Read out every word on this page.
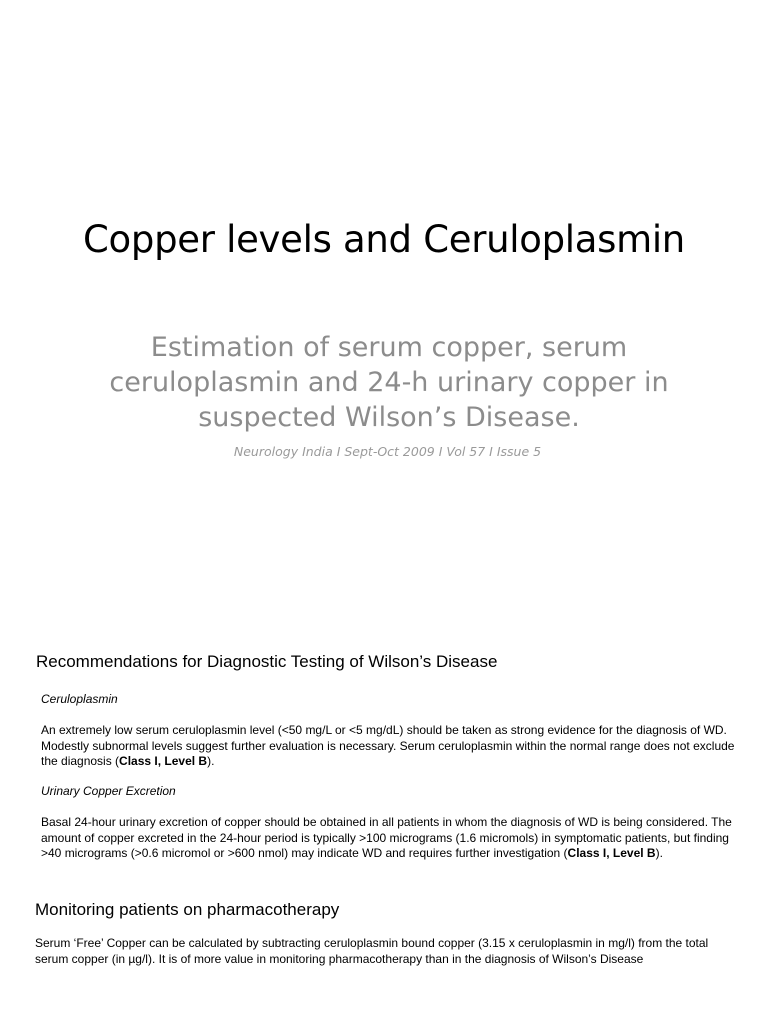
Copper levels and Ceruloplasmin
Estimation of serum copper, serum
ceruloplasmin and 24-h urinary copper in
suspected Wilson’s Disease.
Neurology India I Sept-Oct 2009 I Vol 57 I Issue 5
Recommendations for Diagnostic Testing of Wilson’s Disease
Ceruloplasmin
An extremely low serum ceruloplasmin level (<50 mg/L or <5 mg/dL) should be taken as strong evidence for the diagnosis of WD. Modestly subnormal levels suggest further evaluation is necessary. Serum ceruloplasmin within the normal range does not exclude the diagnosis (Class I, Level B).
Urinary Copper Excretion
Basal 24-hour urinary excretion of copper should be obtained in all patients in whom the diagnosis of WD is being considered. The amount of copper excreted in the 24-hour period is typically >100 micrograms (1.6 micromols) in symptomatic patients, but finding >40 micrograms (>0.6 micromol or >600 nmol) may indicate WD and requires further investigation (Class I, Level B).
Monitoring patients on pharmacotherapy
Serum ‘Free’ Copper can be calculated by subtracting ceruloplasmin bound copper (3.15 x ceruloplasmin in mg/l) from the total serum copper (in µg/l). It is of more value in monitoring pharmacotherapy than in the diagnosis of Wilson’s Disease
